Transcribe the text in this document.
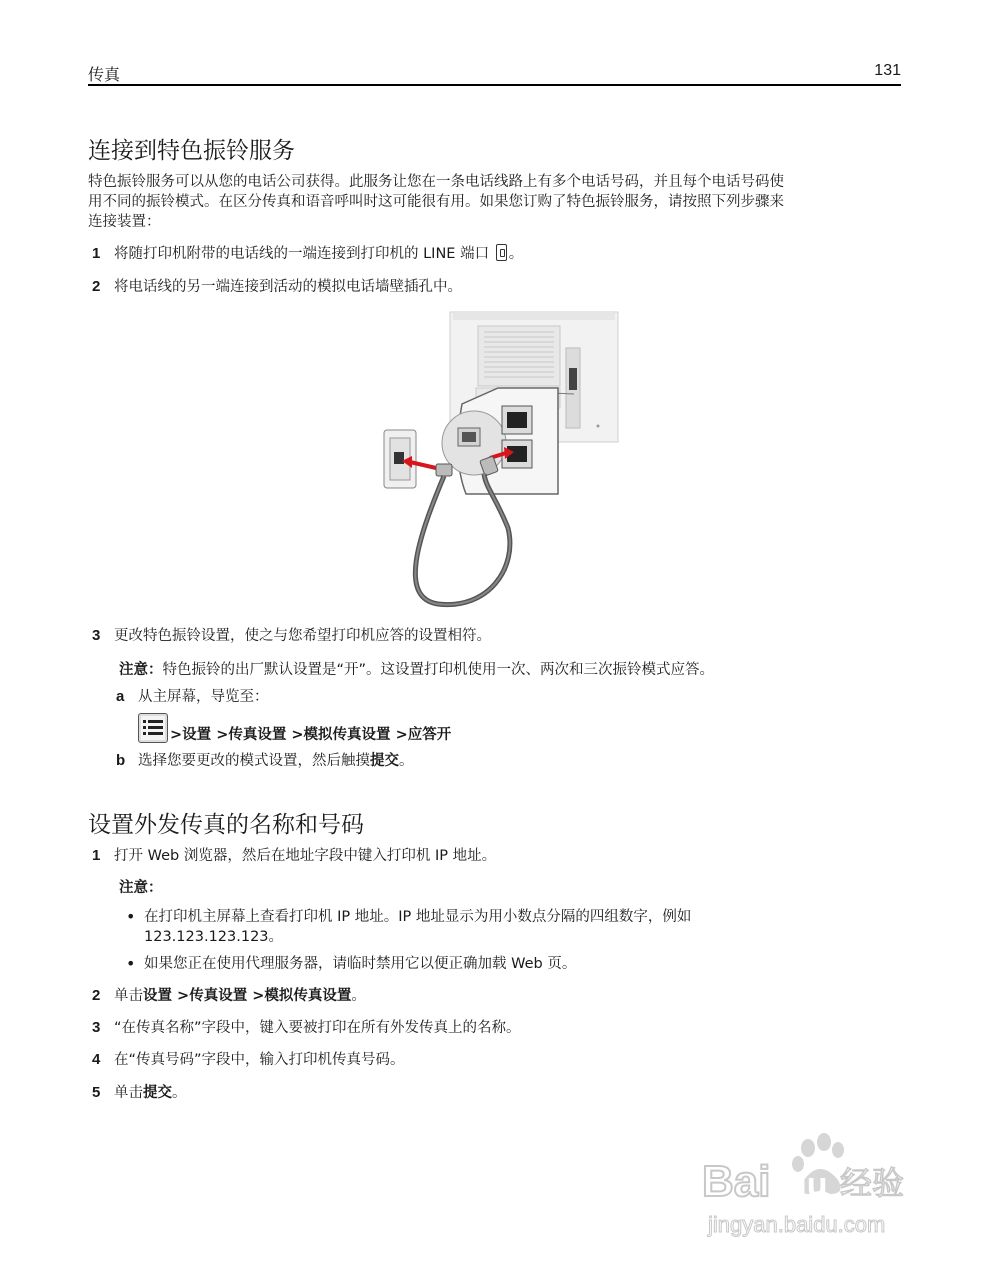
传真	131
连接到特色振铃服务
特色振铃服务可以从您的电话公司获得。此服务让您在一条电话线路上有多个电话号码，并且每个电话号码使
用不同的振铃模式。在区分传真和语音呼叫时这可能很有用。如果您订购了特色振铃服务，请按照下列步骤来
连接装置：
1 将随打印机附带的电话线的一端连接到打印机的 LINE 端口 。
2 将电话线的另一端连接到活动的模拟电话墙壁插孔中。
3 更改特色振铃设置，使之与您希望打印机应答的设置相符。
注意：特色振铃的出厂默认设置是“开”。这设置打印机使用一次、两次和三次振铃模式应答。
a 从主屏幕，导览至：
>设置 >传真设置 >模拟传真设置 >应答开
b 选择您要更改的模式设置，然后触摸提交。
设置外发传真的名称和号码
1 打开 Web 浏览器，然后在地址字段中键入打印机 IP 地址。
注意：
• 在打印机主屏幕上查看打印机 IP 地址。IP 地址显示为用小数点分隔的四组数字，例如
123.123.123.123。
• 如果您正在使用代理服务器，请临时禁用它以便正确加载 Web 页。
2 单击设置 >传真设置 >模拟传真设置。
3 “在传真名称”字段中，键入要被打印在所有外发传真上的名称。
4 在“传真号码”字段中，输入打印机传真号码。
5 单击提交。
Bai du 经验
jingyan.baidu.com
